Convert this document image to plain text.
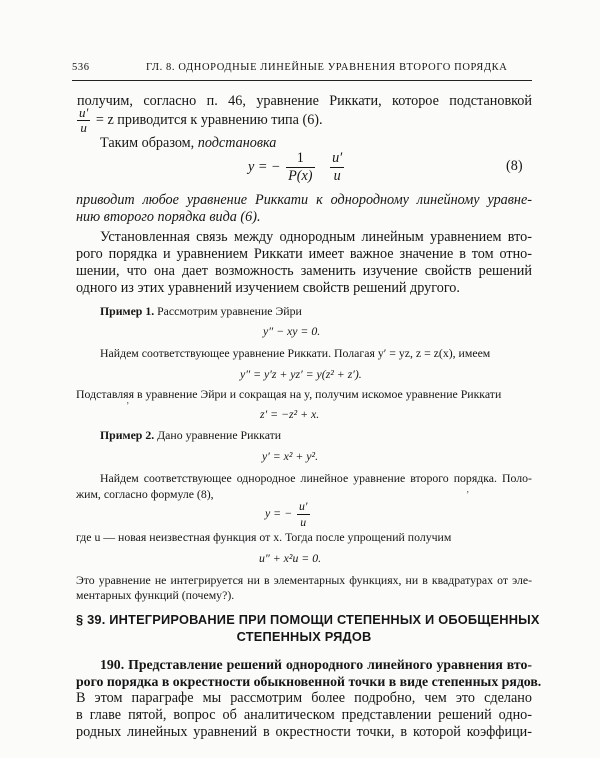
536	ГЛ. 8. ОДНОРОДНЫЕ ЛИНЕЙНЫЕ УРАВНЕНИЯ ВТОРОГО ПОРЯДКА
получим, согласно п. 46, уравнение Риккати, которое подстановкой
$\frac{u'}{u} = z$ приводится к уравнению типа (6).
Таким образом, подстановка
y = − $\frac{1}{P(x)}$
$\frac{u'}{u}$	(8)
приводит любое уравнение Риккати к однородному линейному уравне-
нию второго порядка вида (6).
Установленная связь между однородным линейным уравнением вто-
рого порядка и уравнением Риккати имеет важное значение в том отно-
шении, что она дает возможность заменить изучение свойств решений
одного из этих уравнений изучением свойств решений другого.
Пример 1. Рассмотрим уравнение Эйри
y″ − xy = 0.
Найдем соответствующее уравнение Риккати. Полагая y′ = yz, z = z(x), имеем
y″ = y′z + yz′ = y(z² + z′).
Подставляя в уравнение Эйри и сокращая на y, получим искомое уравнение Риккати
ʼ
z′ = −z² + x.
Пример 2. Дано уравнение Риккати
y′ = x² + y².
Найдем соответствующее однородное линейное уравнение второго порядка. Поло-
жим, согласно формуле (8),	ʼ
y = − $\frac{u'}{u}$
где u — новая неизвестная функция от x. Тогда после упрощений получим
u″ + x²u = 0.
Это уравнение не интегрируется ни в элементарных функциях, ни в квадратурах от эле-
ментарных функций (почему?).
§ 39. ИНТЕГРИРОВАНИЕ ПРИ ПОМОЩИ СТЕПЕННЫХ И ОБОБЩЕННЫХ
СТЕПЕННЫХ РЯДОВ
190. Представление решений однородного линейного уравнения вто-
рого порядка в окрестности обыкновенной точки в виде степенных рядов.
В этом параграфе мы рассмотрим более подробно, чем это сделано
в главе пятой, вопрос об аналитическом представлении решений одно-
родных линейных уравнений в окрестности точки, в которой коэффици-
